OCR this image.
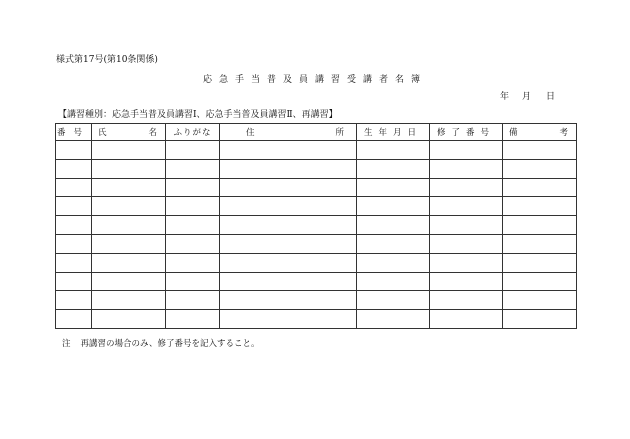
様式第17号(第10条関係)
応急手当普及員講習受講者名簿
年	月	日
【講習種別：応急手当普及員講習Ⅰ、応急手当普及員講習Ⅱ、再講習】
番号	氏 名	ふりがな	住 所	生年月日	修了番号	備 考

注 再講習の場合のみ、修了番号を記入すること。
